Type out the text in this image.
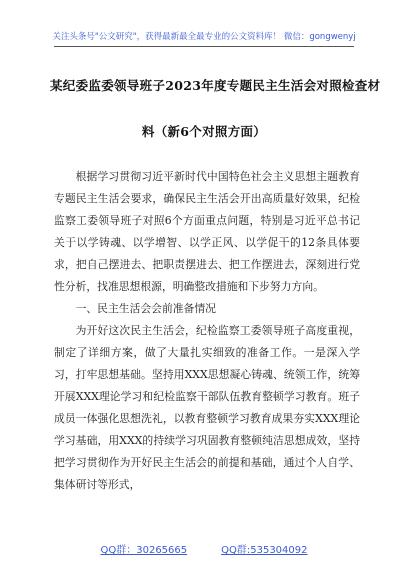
关注头条号"公文研究"，获得最新最全最专业的公文资料库！ 微信：gongwenyj
某纪委监委领导班子2023年度专题民主生活会对照检查材
料（新6个对照方面）

根据学习贯彻习近平新时代中国特色社会主义思想主题教育专题民主生活会要求，确保民主生活会开出高质量好效果，纪检监察工委领导班子对照6个方面重点问题，特别是习近平总书记关于以学铸魂、以学增智、以学正风、以学促干的12条具体要求，把自己摆进去、把职责摆进去、把工作摆进去，深刻进行党性分析，找准思想根源，明确整改措施和下步努力方向。

一、民主生活会会前准备情况

为开好这次民主生活会，纪检监察工委领导班子高度重视，制定了详细方案，做了大量扎实细致的准备工作。一是深入学习，打牢思想基础。坚持用XXX思想凝心铸魂、统领工作，统筹开展XXX理论学习和纪检监察干部队伍教育整顿学习教育。班子成员一体强化思想洗礼，以教育整顿学习教育成果夯实XXX理论学习基础，用XXX的持续学习巩固教育整顿纯洁思想成效，坚持把学习贯彻作为开好民主生活会的前提和基础，通过个人自学、集体研讨等形式，

QQ群：30265665	QQ群:535304092
